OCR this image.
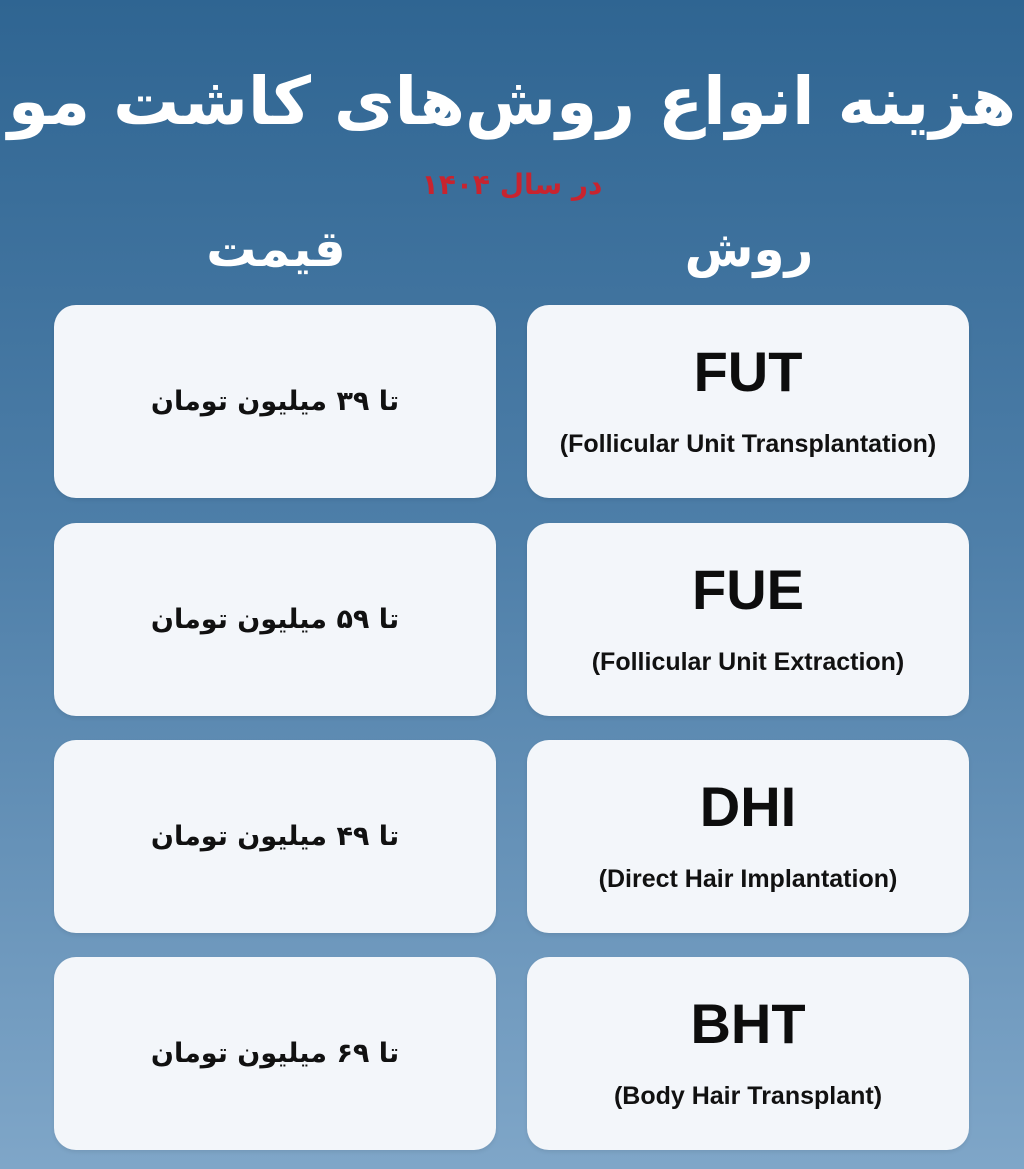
هزینه انواع روش‌های کاشت مو
در سال ۱۴۰۴
روش
قیمت
FUT
(Follicular Unit Transplantation)
تا ۳۹ میلیون تومان
FUE
(Follicular Unit Extraction)
تا ۵۹ میلیون تومان
DHI
(Direct Hair Implantation)
تا ۴۹ میلیون تومان
BHT
(Body Hair Transplant)
تا ۶۹ میلیون تومان
